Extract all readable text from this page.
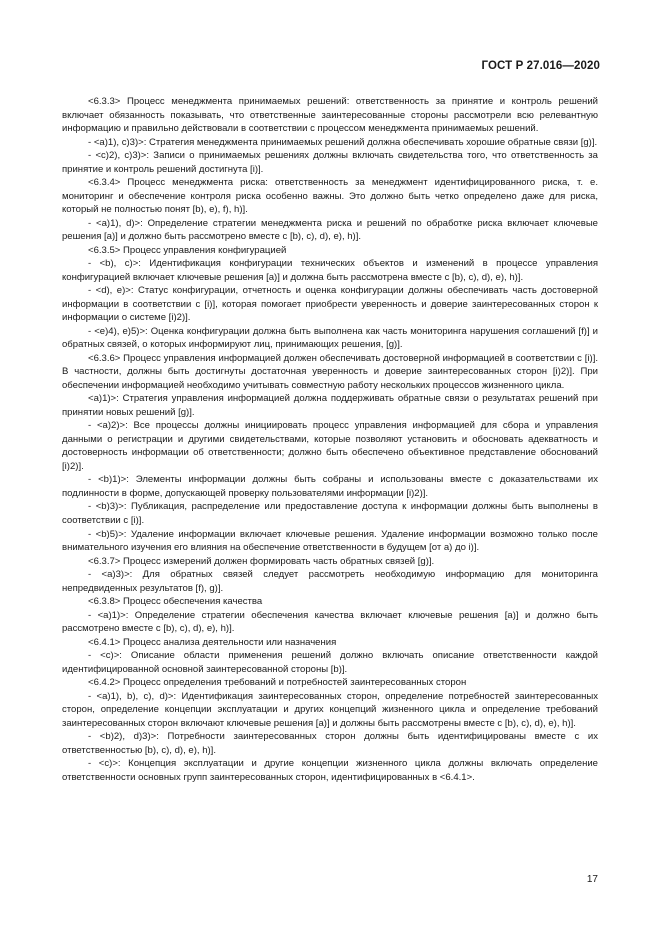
ГОСТ Р 27.016—2020

<6.3.3> Процесс менеджмента принимаемых решений: ответственность за принятие и контроль решений включает обязанность показывать, что ответственные заинтересованные стороны рассмотрели всю релевантную информацию и правильно действовали в соответствии с процессом менеджмента принимаемых решений.

- <a)1), c)3)>: Стратегия менеджмента принимаемых решений должна обеспечивать хорошие обратные связи [g)].

- <c)2), c)3)>: Записи о принимаемых решениях должны включать свидетельства того, что ответственность за принятие и контроль решений достигнута [i)].

<6.3.4> Процесс менеджмента риска: ответственность за менеджмент идентифицированного риска, т. е. мониторинг и обеспечение контроля риска особенно важны. Это должно быть четко определено даже для риска, который не полностью понят [b), e), f), h)].

- <a)1), d)>: Определение стратегии менеджмента риска и решений по обработке риска включает ключевые решения [a)] и должно быть рассмотрено вместе с [b), c), d), e), h)].

<6.3.5> Процесс управления конфигурацией

- <b), c)>: Идентификация конфигурации технических объектов и изменений в процессе управления конфигурацией включает ключевые решения [a)] и должна быть рассмотрена вместе с [b), c), d), e), h)].

- <d), e)>: Статус конфигурации, отчетность и оценка конфигурации должны обеспечивать часть достоверной информации в соответствии с [i)], которая помогает приобрести уверенность и доверие заинтересованных сторон к информации о системе [i)2)].

- <e)4), e)5)>: Оценка конфигурации должна быть выполнена как часть мониторинга нарушения соглашений [f)] и обратных связей, о которых информируют лиц, принимающих решения, [g)].

<6.3.6> Процесс управления информацией должен обеспечивать достоверной информацией в соответствии с [i)]. В частности, должны быть достигнуты достаточная уверенность и доверие заинтересованных сторон [i)2)]. При обеспечении информацией необходимо учитывать совместную работу нескольких процессов жизненного цикла.

<a)1)>: Стратегия управления информацией должна поддерживать обратные связи о результатах решений при принятии новых решений [g)].

- <a)2)>: Все процессы должны инициировать процесс управления информацией для сбора и управления данными о регистрации и другими свидетельствами, которые позволяют установить и обосновать адекватность и достоверность информации об ответственности; должно быть обеспечено объективное представление обоснований [i)2)].

- <b)1)>: Элементы информации должны быть собраны и использованы вместе с доказательствами их подлинности в форме, допускающей проверку пользователями информации [i)2)].

- <b)3)>: Публикация, распределение или предоставление доступа к информации должны быть выполнены в соответствии с [i)].

- <b)5)>: Удаление информации включает ключевые решения. Удаление информации возможно только после внимательного изучения его влияния на обеспечение ответственности в будущем [от a) до i)].

<6.3.7> Процесс измерений должен формировать часть обратных связей [g)].

- <a)3)>: Для обратных связей следует рассмотреть необходимую информацию для мониторинга непредвиденных результатов [f), g)].

<6.3.8> Процесс обеспечения качества

- <a)1)>: Определение стратегии обеспечения качества включает ключевые решения [a)] и должно быть рассмотрено вместе с [b), c), d), e), h)].

<6.4.1> Процесс анализа деятельности или назначения

- <c)>: Описание области применения решений должно включать описание ответственности каждой идентифицированной основной заинтересованной стороны [b)].

<6.4.2> Процесс определения требований и потребностей заинтересованных сторон

- <a)1), b), c), d)>: Идентификация заинтересованных сторон, определение потребностей заинтересованных сторон, определение концепции эксплуатации и других концепций жизненного цикла и определение требований заинтересованных сторон включают ключевые решения [a)] и должны быть рассмотрены вместе с [b), c), d), e), h)].

- <b)2), d)3)>: Потребности заинтересованных сторон должны быть идентифицированы вместе с их ответственностью [b), c), d), e), h)].

- <c)>: Концепция эксплуатации и другие концепции жизненного цикла должны включать определение ответственности основных групп заинтересованных сторон, идентифицированных в <6.4.1>.

17
